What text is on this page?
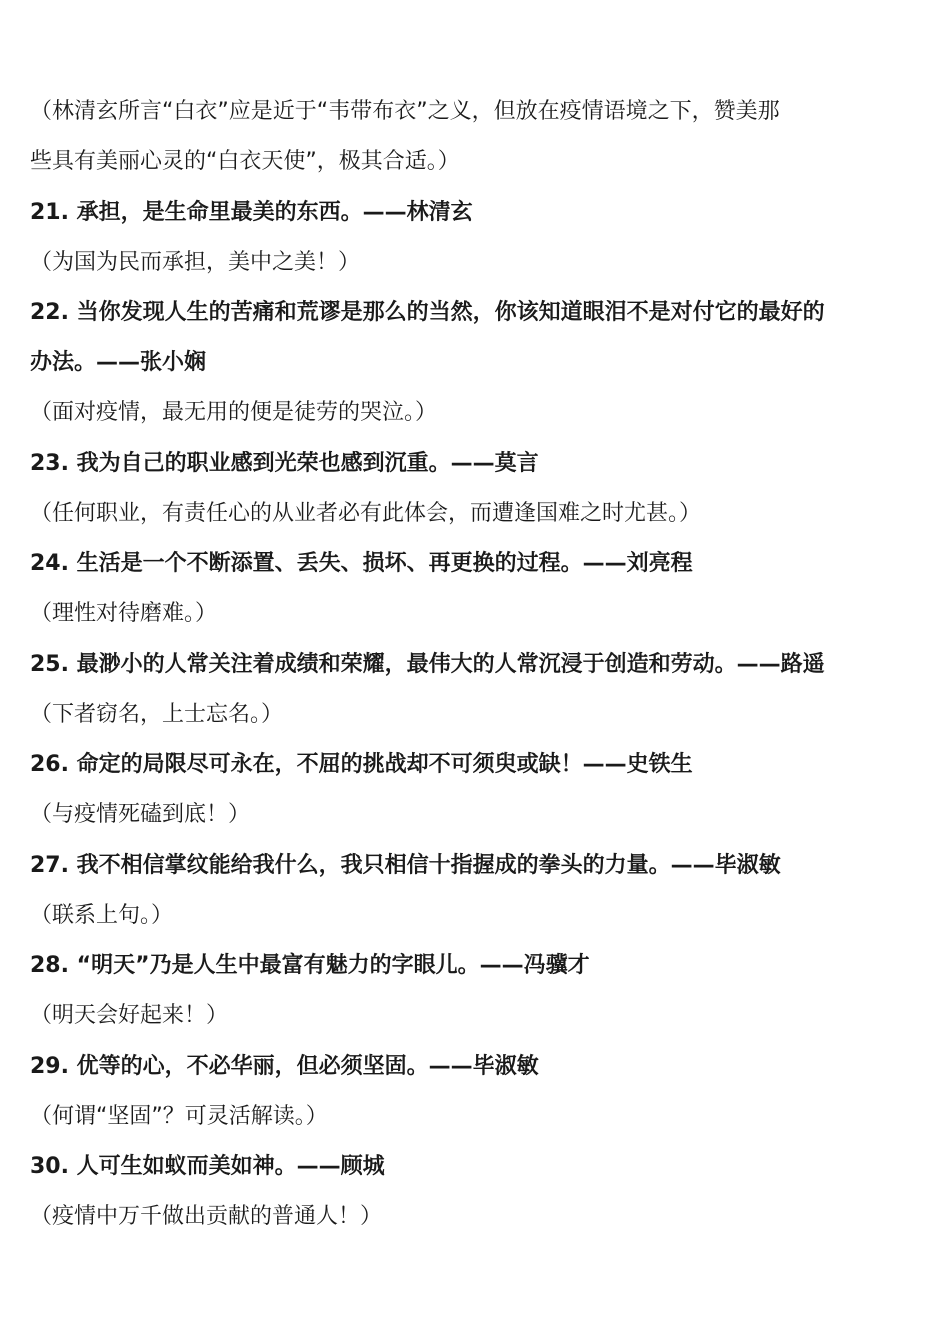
（林清玄所言“白衣”应是近于“韦带布衣”之义，但放在疫情语境之下，赞美那
些具有美丽心灵的“白衣天使”，极其合适。）
21. 承担，是生命里最美的东西。——林清玄
（为国为民而承担，美中之美！）
22. 当你发现人生的苦痛和荒谬是那么的当然，你该知道眼泪不是对付它的最好的
办法。——张小娴
（面对疫情，最无用的便是徒劳的哭泣。）
23. 我为自己的职业感到光荣也感到沉重。——莫言
（任何职业，有责任心的从业者必有此体会，而遭逢国难之时尤甚。）
24. 生活是一个不断添置、丢失、损坏、再更换的过程。——刘亮程
（理性对待磨难。）
25. 最渺小的人常关注着成绩和荣耀，最伟大的人常沉浸于创造和劳动。——路遥
（下者窃名，上士忘名。）
26. 命定的局限尽可永在，不屈的挑战却不可须臾或缺！——史铁生
（与疫情死磕到底！）
27. 我不相信掌纹能给我什么，我只相信十指握成的拳头的力量。——毕淑敏
（联系上句。）
28. “明天”乃是人生中最富有魅力的字眼儿。——冯骥才
（明天会好起来！）
29. 优等的心，不必华丽，但必须坚固。——毕淑敏
（何谓“坚固”？可灵活解读。）
30. 人可生如蚁而美如神。——顾城
（疫情中万千做出贡献的普通人！）
